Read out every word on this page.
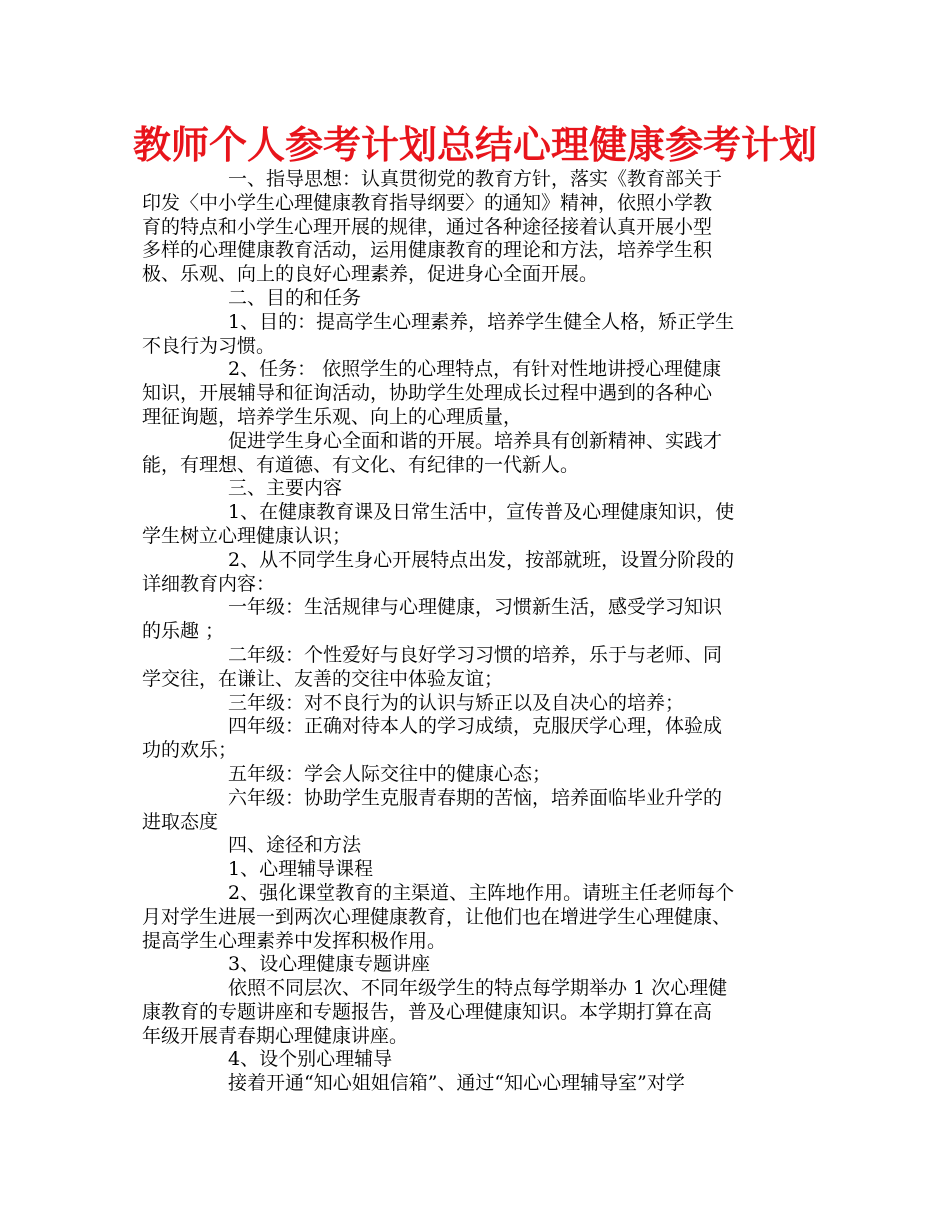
教师个人参考计划总结心理健康参考计划
一、指导思想：认真贯彻党的教育方针，落实《教育部关于
印发〈中小学生心理健康教育指导纲要〉的通知》精神，依照小学教
育的特点和小学生心理开展的规律，通过各种途径接着认真开展小型
多样的心理健康教育活动，运用健康教育的理论和方法，培养学生积
极、乐观、向上的良好心理素养，促进身心全面开展。
二、目的和任务
1、目的：提高学生心理素养，培养学生健全人格，矫正学生
不良行为习惯。
2、任务： 依照学生的心理特点，有针对性地讲授心理健康
知识，开展辅导和征询活动，协助学生处理成长过程中遇到的各种心
理征询题，培养学生乐观、向上的心理质量，
促进学生身心全面和谐的开展。培养具有创新精神、实践才
能，有理想、有道德、有文化、有纪律的一代新人。
三、主要内容
1、在健康教育课及日常生活中，宣传普及心理健康知识，使
学生树立心理健康认识；
2、从不同学生身心开展特点出发，按部就班，设置分阶段的
详细教育内容：
一年级：生活规律与心理健康，习惯新生活，感受学习知识
的乐趣 ；
二年级：个性爱好与良好学习习惯的培养，乐于与老师、同
学交往，在谦让、友善的交往中体验友谊；
三年级：对不良行为的认识与矫正以及自决心的培养；
四年级：正确对待本人的学习成绩，克服厌学心理，体验成
功的欢乐；
五年级：学会人际交往中的健康心态；
六年级：协助学生克服青春期的苦恼，培养面临毕业升学的
进取态度
四、途径和方法
1、心理辅导课程
2、强化课堂教育的主渠道、主阵地作用。请班主任老师每个
月对学生进展一到两次心理健康教育，让他们也在增进学生心理健康、
提高学生心理素养中发挥积极作用。
3、设心理健康专题讲座
依照不同层次、不同年级学生的特点每学期举办 1 次心理健
康教育的专题讲座和专题报告，普及心理健康知识。本学期打算在高
年级开展青春期心理健康讲座。
4、设个别心理辅导
接着开通“知心姐姐信箱”、通过“知心心理辅导室”对学
